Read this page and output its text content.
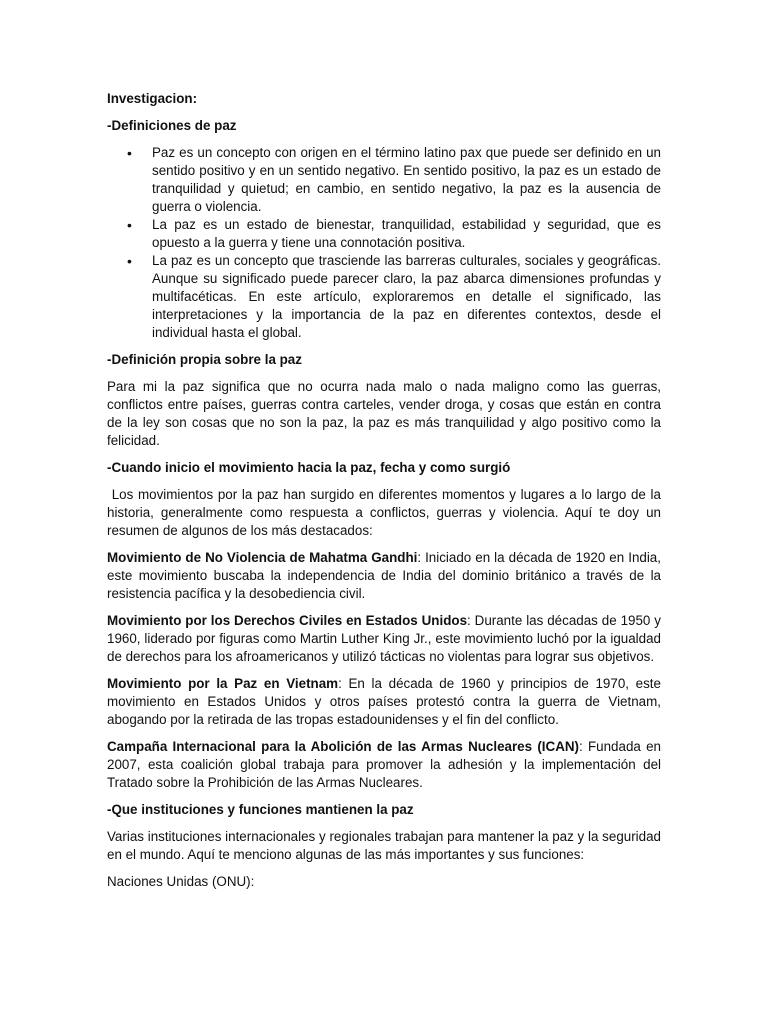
Investigacion:

-Definiciones de paz

• Paz es un concepto con origen en el término latino pax que puede ser definido en un sentido positivo y en un sentido negativo. En sentido positivo, la paz es un estado de tranquilidad y quietud; en cambio, en sentido negativo, la paz es la ausencia de guerra o violencia.
• La paz es un estado de bienestar, tranquilidad, estabilidad y seguridad, que es opuesto a la guerra y tiene una connotación positiva.
• La paz es un concepto que trasciende las barreras culturales, sociales y geográficas. Aunque su significado puede parecer claro, la paz abarca dimensiones profundas y multifacéticas. En este artículo, exploraremos en detalle el significado, las interpretaciones y la importancia de la paz en diferentes contextos, desde el individual hasta el global.

-Definición propia sobre la paz

Para mi la paz significa que no ocurra nada malo o nada maligno como las guerras, conflictos entre países, guerras contra carteles, vender droga, y cosas que están en contra de la ley son cosas que no son la paz, la paz es más tranquilidad y algo positivo como la felicidad.

-Cuando inicio el movimiento hacia la paz, fecha y como surgió

Los movimientos por la paz han surgido en diferentes momentos y lugares a lo largo de la historia, generalmente como respuesta a conflictos, guerras y violencia. Aquí te doy un resumen de algunos de los más destacados:

Movimiento de No Violencia de Mahatma Gandhi: Iniciado en la década de 1920 en India, este movimiento buscaba la independencia de India del dominio británico a través de la resistencia pacífica y la desobediencia civil.

Movimiento por los Derechos Civiles en Estados Unidos: Durante las décadas de 1950 y 1960, liderado por figuras como Martin Luther King Jr., este movimiento luchó por la igualdad de derechos para los afroamericanos y utilizó tácticas no violentas para lograr sus objetivos.

Movimiento por la Paz en Vietnam: En la década de 1960 y principios de 1970, este movimiento en Estados Unidos y otros países protestó contra la guerra de Vietnam, abogando por la retirada de las tropas estadounidenses y el fin del conflicto.

Campaña Internacional para la Abolición de las Armas Nucleares (ICAN): Fundada en 2007, esta coalición global trabaja para promover la adhesión y la implementación del Tratado sobre la Prohibición de las Armas Nucleares.

-Que instituciones y funciones mantienen la paz

Varias instituciones internacionales y regionales trabajan para mantener la paz y la seguridad en el mundo. Aquí te menciono algunas de las más importantes y sus funciones:

Naciones Unidas (ONU):
